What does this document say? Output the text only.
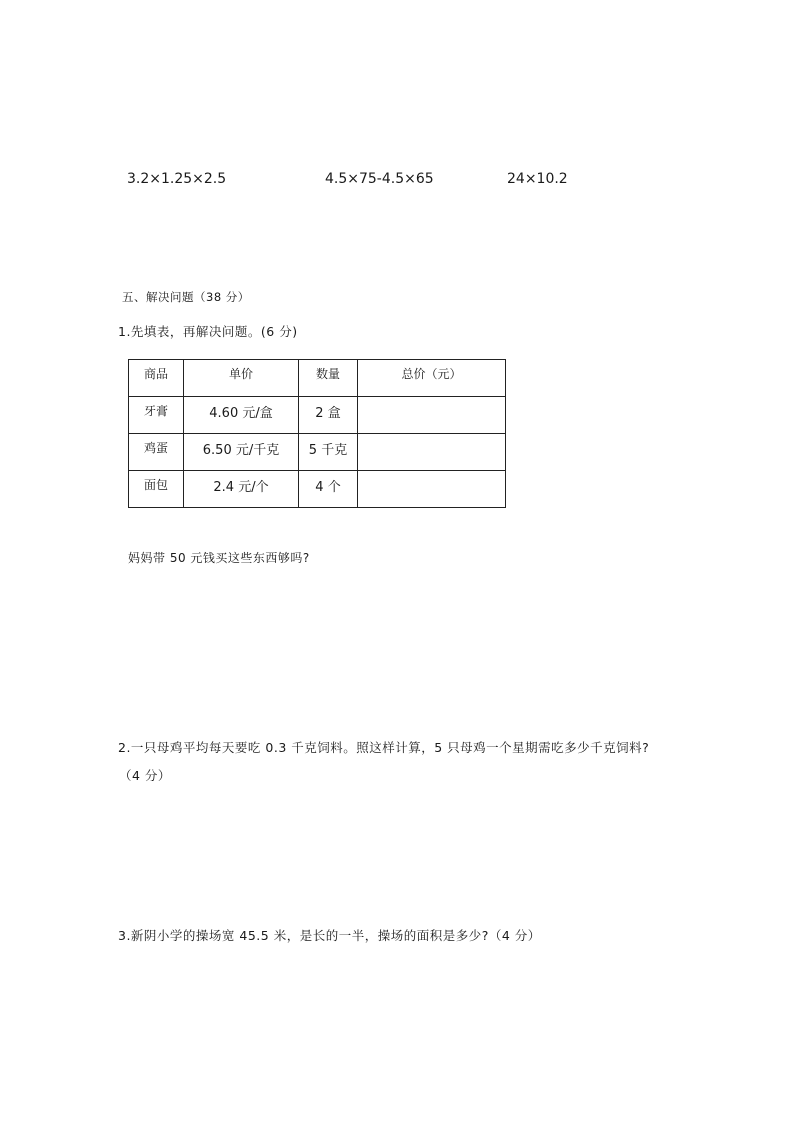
3.2×1.25×2.5	4.5×75-4.5×65	24×10.2
五、解决问题（38 分）
1.先填表，再解决问题。(6 分)
商品	单价	数量	总价（元）
牙膏	4.60 元/盒	2 盒	
鸡蛋	6.50 元/千克	5 千克	
面包	2.4 元/个	4 个	
妈妈带 50 元钱买这些东西够吗?
2.一只母鸡平均每天要吃 0.3 千克饲料。照这样计算，5 只母鸡一个星期需吃多少千克饲料?
（4 分）
3.新阴小学的操场宽 45.5 米，是长的一半，操场的面积是多少?（4 分）
